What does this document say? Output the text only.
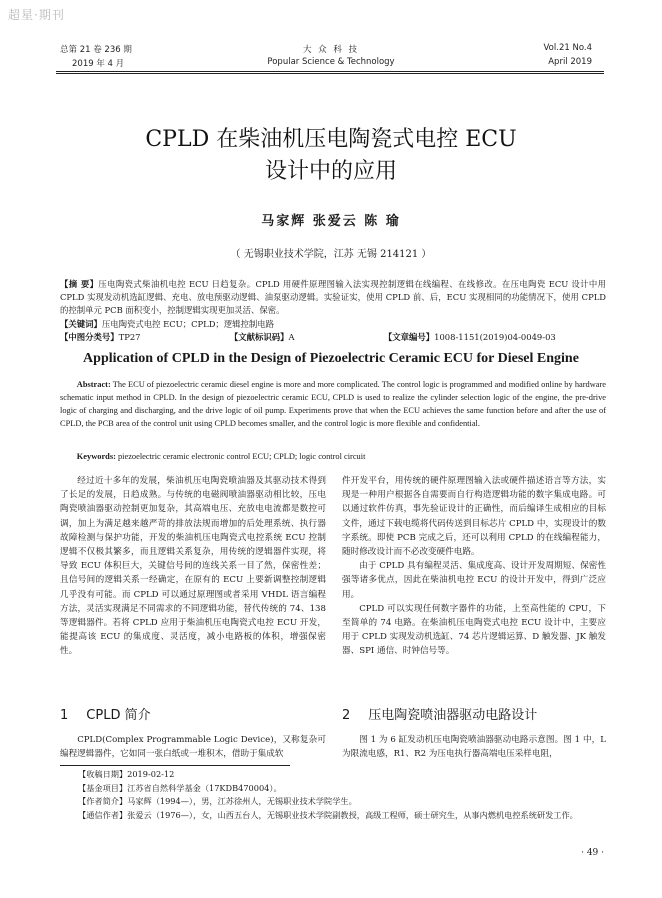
超星·期刊
总第 21 卷 236 期
2019 年 4 月
大 众 科 技
Popular Science & Technology
Vol.21 No.4
April 2019
CPLD 在柴油机压电陶瓷式电控 ECU
设计中的应用
马家辉 张爱云 陈 瑜
（ 无锡职业技术学院，江苏 无锡 214121 ）
【摘 要】压电陶瓷式柴油机电控 ECU 日趋复杂。CPLD 用硬件原理图输入法实现控制逻辑在线编程、在线修改。在压电陶瓷 ECU 设计中用 CPLD 实现发动机选缸逻辑、充电、放电预驱动逻辑、油泵驱动逻辑。实验证实，使用 CPLD 前、后，ECU 实现相同的功能情况下，使用 CPLD 的控制单元 PCB 面积变小，控制逻辑实现更加灵活、保密。
【关键词】压电陶瓷式电控 ECU；CPLD；逻辑控制电路
【中图分类号】TP27	【文献标识码】A	【文章编号】1008-1151(2019)04-0049-03
Application of CPLD in the Design of Piezoelectric Ceramic ECU for Diesel Engine
Abstract: The ECU of piezoelectric ceramic diesel engine is more and more complicated. The control logic is programmed and modified online by hardware schematic input method in CPLD. In the design of piezoelectric ceramic ECU, CPLD is used to realize the cylinder selection logic of the engine, the pre-drive logic of charging and discharging, and the drive logic of oil pump. Experiments prove that when the ECU achieves the same function before and after the use of CPLD, the PCB area of the control unit using CPLD becomes smaller, and the control logic is more flexible and confidential.
Keywords: piezoelectric ceramic electronic control ECU; CPLD; logic control circuit

经过近十多年的发展，柴油机压电陶瓷喷油器及其驱动技术得到了长足的发展，日趋成熟。与传统的电磁阀喷油器驱动相比较，压电陶瓷喷油器驱动控制更加复杂，其高端电压、充放电电流都是数控可调，加上为满足越来越严苛的排放法规而增加的后处理系统、执行器故障检测与保护功能，开发的柴油机压电陶瓷式电控系统 ECU 控制逻辑不仅极其繁多，而且逻辑关系复杂，用传统的逻辑器件实现，将导致 ECU 体积巨大，关键信号间的连线关系一目了然，保密性差；且信号间的逻辑关系一经确定，在原有的 ECU 上要新调整控制逻辑几乎没有可能。而 CPLD 可以通过原理图或者采用 VHDL 语言编程方法，灵活实现满足不同需求的不同逻辑功能，替代传统的 74、138 等逻辑器件。若将 CPLD 应用于柴油机压电陶瓷式电控 ECU 开发，能提高该 ECU 的集成度、灵活度，减小电路板的体积，增强保密性。

1 CPLD 简介

CPLD(Complex Programmable Logic Device)，又称复杂可编程逻辑器件，它如同一张白纸或一堆积木，借助于集成软

件开发平台，用传统的硬件原理图输入法或硬件描述语言等方法，实现是一种用户根据各自需要而自行构造逻辑功能的数字集成电路。可以通过软件仿真，事先验证设计的正确性，而后编译生成相应的目标文件，通过下载电缆将代码传送到目标芯片 CPLD 中，实现设计的数字系统。即使 PCB 完成之后，还可以利用 CPLD 的在线编程能力，随时修改设计而不必改变硬件电路。

由于 CPLD 具有编程灵活、集成度高、设计开发周期短、保密性强等诸多优点，因此在柴油机电控 ECU 的设计开发中，得到广泛应用。

CPLD 可以实现任何数字器件的功能，上至高性能的 CPU，下至简单的 74 电路。在柴油机压电陶瓷式电控 ECU 设计中，主要应用于 CPLD 实现发动机选缸、74 芯片逻辑运算、D 触发器、JK 触发器、SPI 通信、时钟信号等。

2 压电陶瓷喷油器驱动电路设计

图 1 为 6 缸发动机压电陶瓷喷油器驱动电路示意图。图 1 中，L 为限流电感，R1、R2 为压电执行器高端电压采样电阻，

【收稿日期】2019-02-12
【基金项目】江苏省自然科学基金（17KDB470004）。
【作者简介】马家辉（1994—），男，江苏徐州人，无锡职业技术学院学生。
【通信作者】张爱云（1976—），女，山西五台人，无锡职业技术学院副教授，高级工程师，硕士研究生，从事内燃机电控系统研发工作。
· 49 ·
